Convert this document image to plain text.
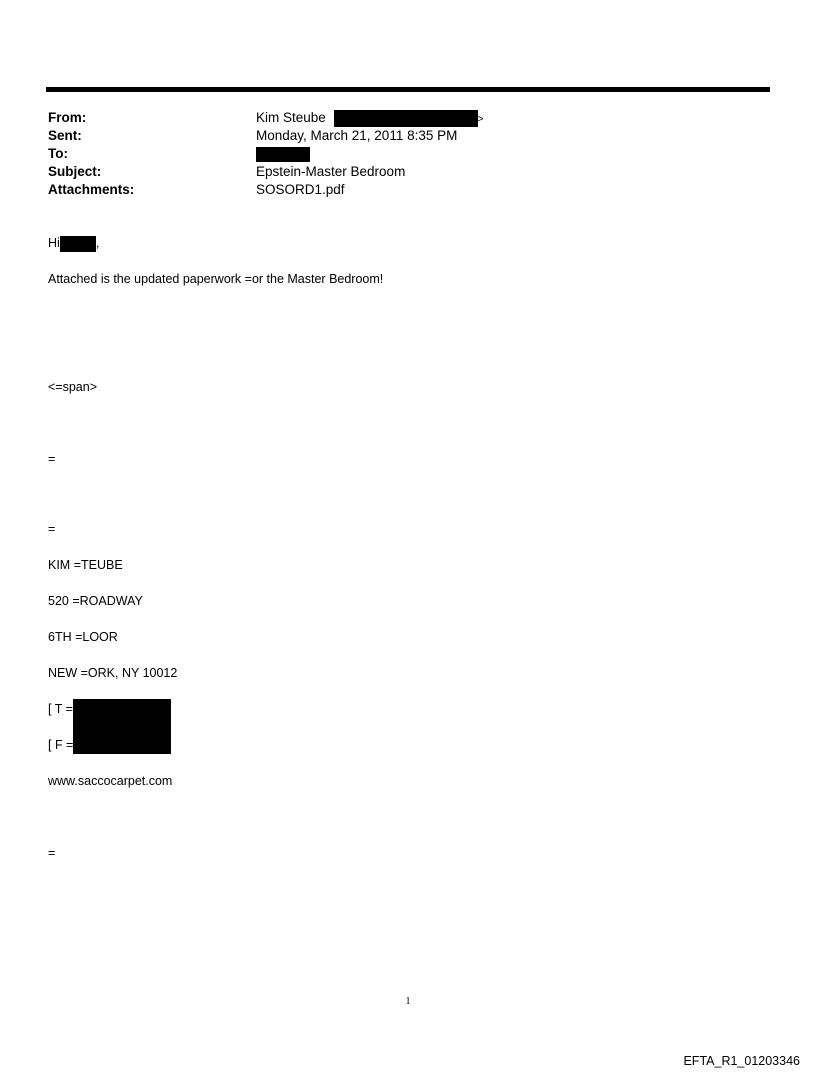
From:	Kim Steube	>
Sent:	Monday, March 21, 2011 8:35 PM
To:
Subject:	Epstein-Master Bedroom
Attachments:	SOSORD1.pdf
Hi	,
Attached is the updated paperwork =or the Master Bedroom!
<=span>
=
=
KIM =TEUBE
520 =ROADWAY
6TH =LOOR
NEW =ORK, NY 10012
[ T =
[ F =
www.saccocarpet.com
=
1
EFTA_R1_01203346
